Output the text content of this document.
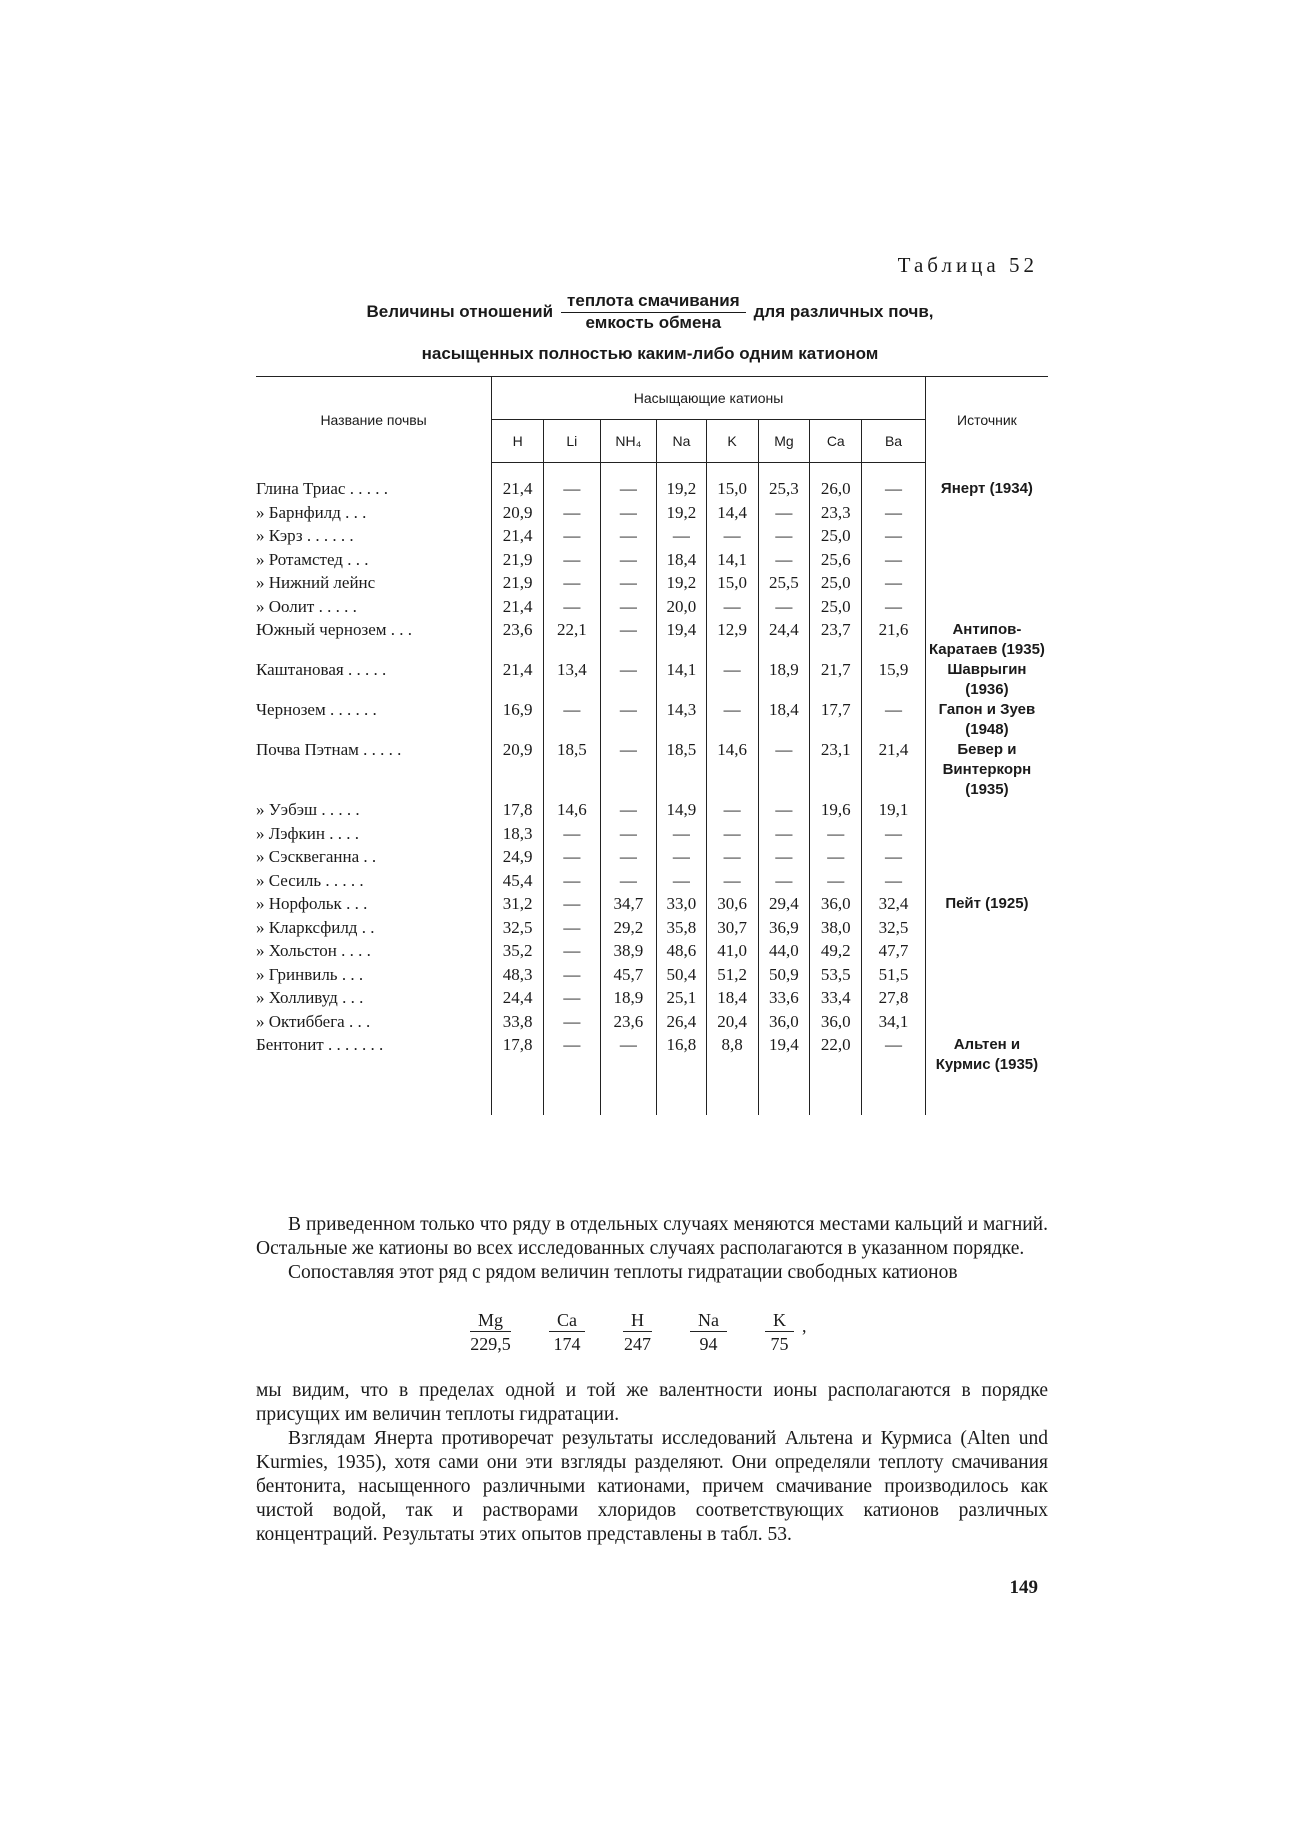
Таблица 52
Величины отношений $\frac{\text{теплота смачивания}}{\text{емкость обмена}}$ для различных почв,
насыщенных полностью каким-либо одним катионом
Название почвы	Насыщающие катионы								Источник
	H	Li	NH₄	Na	K	Mg	Ca	Ba	

Глина Триас . . . . .	21,4	—	—	19,2	15,0	25,3	26,0	—	Янерт (1934)
» Барнфилд . . .	20,9	—	—	19,2	14,4	—	23,3	—	
» Кэрз . . . . . .	21,4	—	—	—	—	—	25,0	—	
» Ротамстед . . .	21,9	—	—	18,4	14,1	—	25,6	—	
» Нижний лейнс	21,9	—	—	19,2	15,0	25,5	25,0	—	
» Оолит . . . . .	21,4	—	—	20,0	—	—	25,0	—	
Южный чернозем . . .	23,6	22,1	—	19,4	12,9	24,4	23,7	21,6	Антипов-Каратаев (1935)
Каштановая . . . . .	21,4	13,4	—	14,1	—	18,9	21,7	15,9	Шаврыгин (1936)
Чернозем . . . . . .	16,9	—	—	14,3	—	18,4	17,7	—	Гапон и Зуев (1948)
Почва Пэтнам . . . . .	20,9	18,5	—	18,5	14,6	—	23,1	21,4	Бевер и Винтеркорн (1935)
» Уэбэш . . . . .	17,8	14,6	—	14,9	—	—	19,6	19,1	
» Лэфкин . . . .	18,3	—	—	—	—	—	—	—	
» Сэсквеганна . .	24,9	—	—	—	—	—	—	—	
» Сесиль . . . . .	45,4	—	—	—	—	—	—	—	
» Норфольк . . .	31,2	—	34,7	33,0	30,6	29,4	36,0	32,4	Пейт (1925)
» Кларксфилд . .	32,5	—	29,2	35,8	30,7	36,9	38,0	32,5	
» Хольстон . . . .	35,2	—	38,9	48,6	41,0	44,0	49,2	47,7	
» Гринвиль . . .	48,3	—	45,7	50,4	51,2	50,9	53,5	51,5	
» Холливуд . . .	24,4	—	18,9	25,1	18,4	33,6	33,4	27,8	
» Октиббега . . .	33,8	—	23,6	26,4	20,4	36,0	36,0	34,1	
Бентонит . . . . . . .	17,8	—	—	16,8	8,8	19,4	22,0	—	Альтен и Курмис (1935)

В приведенном только что ряду в отдельных случаях меняются местами кальций и магний. Остальные же катионы во всех исследованных случаях располагаются в указанном порядке.

Сопоставляя этот ряд с рядом величин теплоты гидратации свободных катионов

Mg
229,5
Ca
174
H
247
Na
94
K
75
,

мы видим, что в пределах одной и той же валентности ионы располагаются в порядке присущих им величин теплоты гидратации.

Взглядам Янерта противоречат результаты исследований Альтена и Курмиса (Alten und Kurmies, 1935), хотя сами они эти взгляды разделяют. Они определяли теплоту смачивания бентонита, насыщенного различными катионами, причем смачивание производилось как чистой водой, так и растворами хлоридов соответствующих катионов различных концентраций. Результаты этих опытов представлены в табл. 53.

149
